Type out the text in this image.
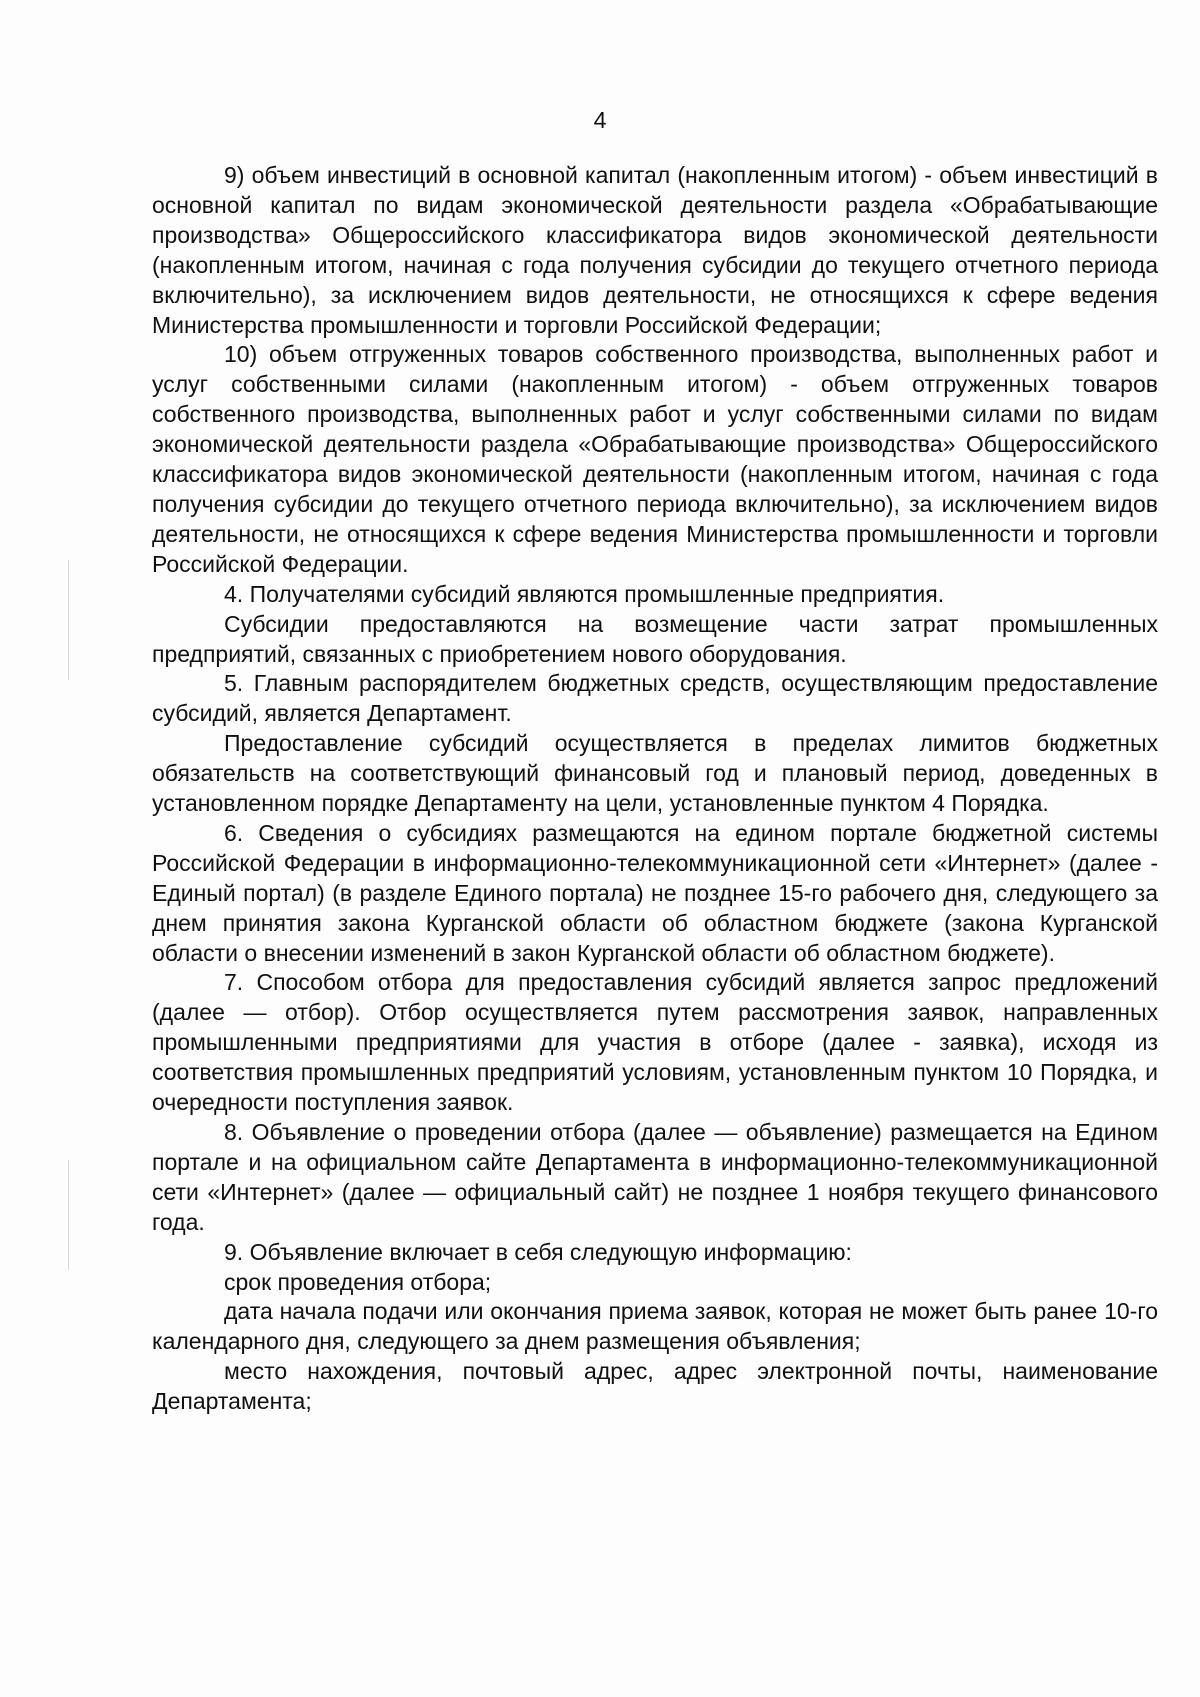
4

9) объем инвестиций в основной капитал (накопленным итогом) - объем инвестиций в основной капитал по видам экономической деятельности раздела «Обрабатывающие производства» Общероссийского классификатора видов экономической деятельности (накопленным итогом, начиная с года получения субсидии до текущего отчетного периода включительно), за исключением видов деятельности, не относящихся к сфере ведения Министерства промышленности и торговли Российской Федерации;

10) объем отгруженных товаров собственного производства, выполненных работ и услуг собственными силами (накопленным итогом) - объем отгруженных товаров собственного производства, выполненных работ и услуг собственными силами по видам экономической деятельности раздела «Обрабатывающие производства» Общероссийского классификатора видов экономической деятельности (накопленным итогом, начиная с года получения субсидии до текущего отчетного периода включительно), за исключением видов деятельности, не относящихся к сфере ведения Министерства промышленности и торговли Российской Федерации.

4. Получателями субсидий являются промышленные предприятия.

Субсидии предоставляются на возмещение части затрат промышленных предприятий, связанных с приобретением нового оборудования.

5. Главным распорядителем бюджетных средств, осуществляющим предоставление субсидий, является Департамент.

Предоставление субсидий осуществляется в пределах лимитов бюджетных обязательств на соответствующий финансовый год и плановый период, доведенных в установленном порядке Департаменту на цели, установленные пунктом 4 Порядка.

6. Сведения о субсидиях размещаются на едином портале бюджетной системы Российской Федерации в информационно-телекоммуникационной сети «Интернет» (далее - Единый портал) (в разделе Единого портала) не позднее 15-го рабочего дня, следующего за днем принятия закона Курганской области об областном бюджете (закона Курганской области о внесении изменений в закон Курганской области об областном бюджете).

7. Способом отбора для предоставления субсидий является запрос предложений (далее — отбор). Отбор осуществляется путем рассмотрения заявок, направленных промышленными предприятиями для участия в отборе (далее - заявка), исходя из соответствия промышленных предприятий условиям, установленным пунктом 10 Порядка, и очередности поступления заявок.

8. Объявление о проведении отбора (далее — объявление) размещается на Едином портале и на официальном сайте Департамента в информационно-телекоммуникационной сети «Интернет» (далее — официальный сайт) не позднее 1 ноября текущего финансового года.

9. Объявление включает в себя следующую информацию:

срок проведения отбора;

дата начала подачи или окончания приема заявок, которая не может быть ранее 10-го календарного дня, следующего за днем размещения объявления;

место нахождения, почтовый адрес, адрес электронной почты, наименование Департамента;
